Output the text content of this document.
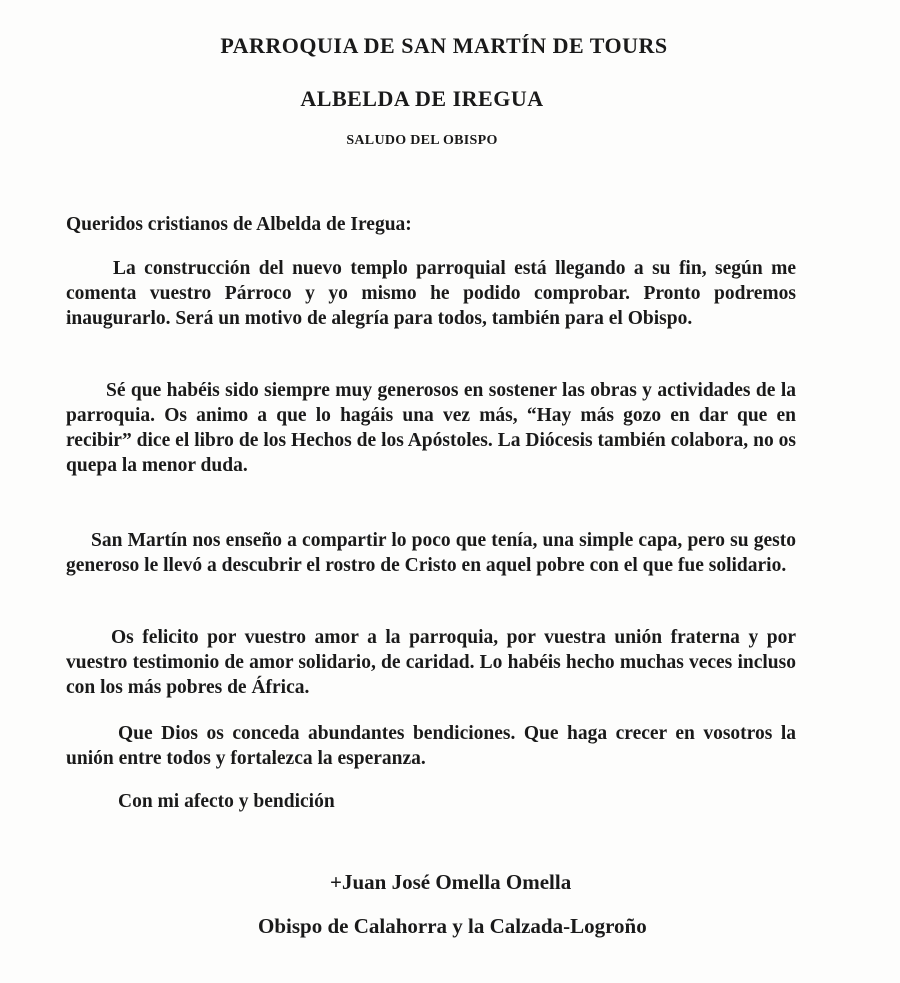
PARROQUIA DE SAN MARTÍN DE TOURS
ALBELDA DE IREGUA
SALUDO DEL OBISPO
Queridos cristianos de Albelda de Iregua:
La construcción del nuevo templo parroquial está llegando a su fin, según me comenta vuestro Párroco y yo mismo he podido comprobar. Pronto podremos inaugurarlo. Será un motivo de alegría para todos, también para el Obispo.
Sé que habéis sido siempre muy generosos en sostener las obras y actividades de la parroquia. Os animo a que lo hagáis una vez más, “Hay más gozo en dar que en recibir” dice el libro de los Hechos de los Apóstoles. La Diócesis también colabora, no os quepa la menor duda.
San Martín nos enseño a compartir lo poco que tenía, una simple capa, pero su gesto generoso le llevó a descubrir el rostro de Cristo en aquel pobre con el que fue solidario.
Os felicito por vuestro amor a la parroquia, por vuestra unión fraterna y por vuestro testimonio de amor solidario, de caridad. Lo habéis hecho muchas veces incluso con los más pobres de África.
Que Dios os conceda abundantes bendiciones. Que haga crecer en vosotros la unión entre todos y fortalezca la esperanza.
Con mi afecto y bendición
+Juan José Omella Omella
Obispo de Calahorra y la Calzada-Logroño
